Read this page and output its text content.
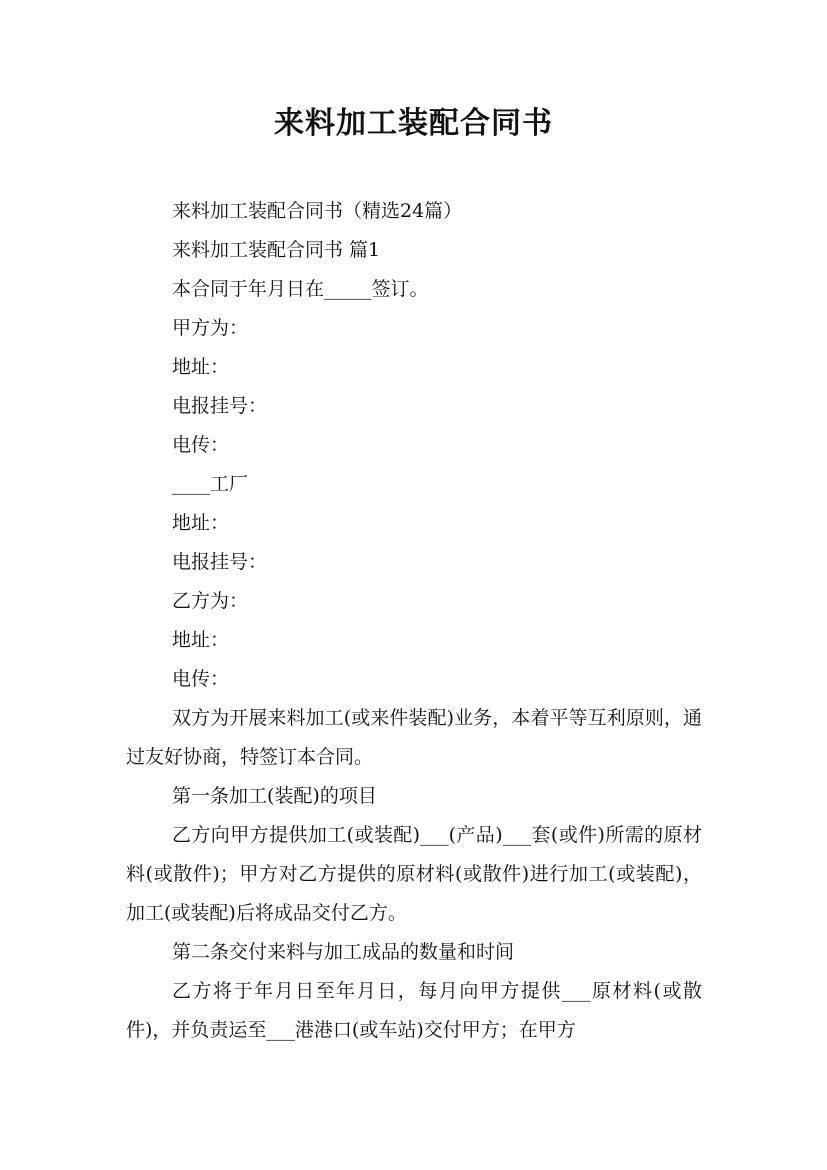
来料加工装配合同书

来料加工装配合同书（精选24篇）

来料加工装配合同书 篇1

本合同于年月日在_____签订。

甲方为：

地址：

电报挂号：

电传：

____工厂

地址：

电报挂号：

乙方为：

地址：

电传：

双方为开展来料加工(或来件装配)业务，本着平等互利原则，通过友好协商，特签订本合同。

第一条加工(装配)的项目

乙方向甲方提供加工(或装配)___(产品)___套(或件)所需的原材料(或散件)；甲方对乙方提供的原材料(或散件)进行加工(或装配)，加工(或装配)后将成品交付乙方。

第二条交付来料与加工成品的数量和时间

乙方将于年月日至年月日，每月向甲方提供___原材料(或散件)，并负责运至___港港口(或车站)交付甲方；在甲方
